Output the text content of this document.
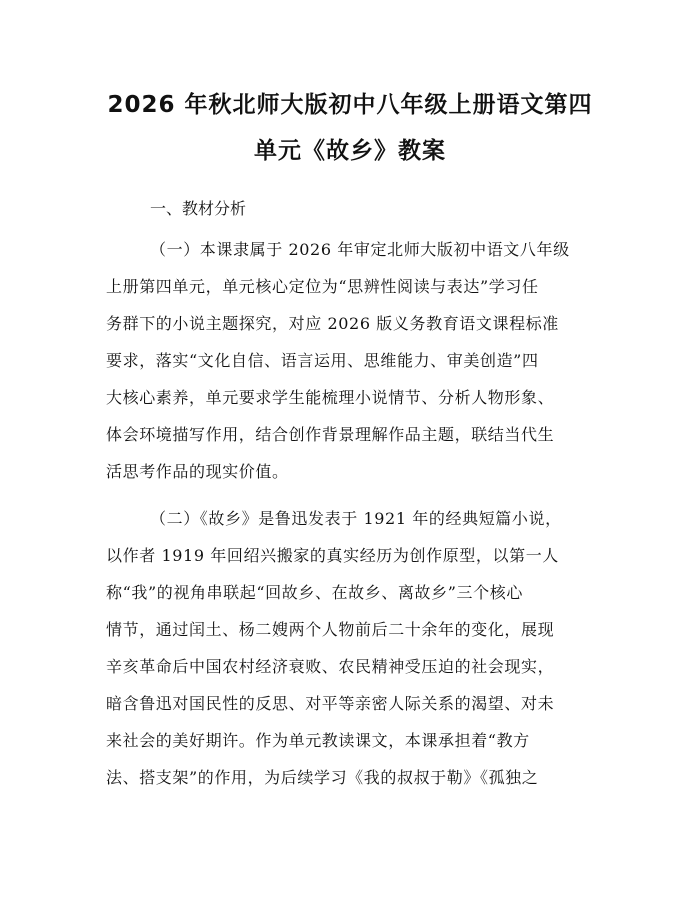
2026 年秋北师大版初中八年级上册语文第四
单元《故乡》教案

一、教材分析

（一）本课隶属于 2026 年审定北师大版初中语文八年级

上册第四单元，单元核心定位为“思辨性阅读与表达”学习任

务群下的小说主题探究，对应 2026 版义务教育语文课程标准

要求，落实“文化自信、语言运用、思维能力、审美创造”四

大核心素养，单元要求学生能梳理小说情节、分析人物形象、

体会环境描写作用，结合创作背景理解作品主题，联结当代生

活思考作品的现实价值。

（二）《故乡》是鲁迅发表于 1921 年的经典短篇小说，

以作者 1919 年回绍兴搬家的真实经历为创作原型，以第一人

称“我”的视角串联起“回故乡、在故乡、离故乡”三个核心

情节，通过闰土、杨二嫂两个人物前后二十余年的变化，展现

辛亥革命后中国农村经济衰败、农民精神受压迫的社会现实，

暗含鲁迅对国民性的反思、对平等亲密人际关系的渴望、对未

来社会的美好期许。作为单元教读课文，本课承担着“教方

法、搭支架”的作用，为后续学习《我的叔叔于勒》《孤独之
